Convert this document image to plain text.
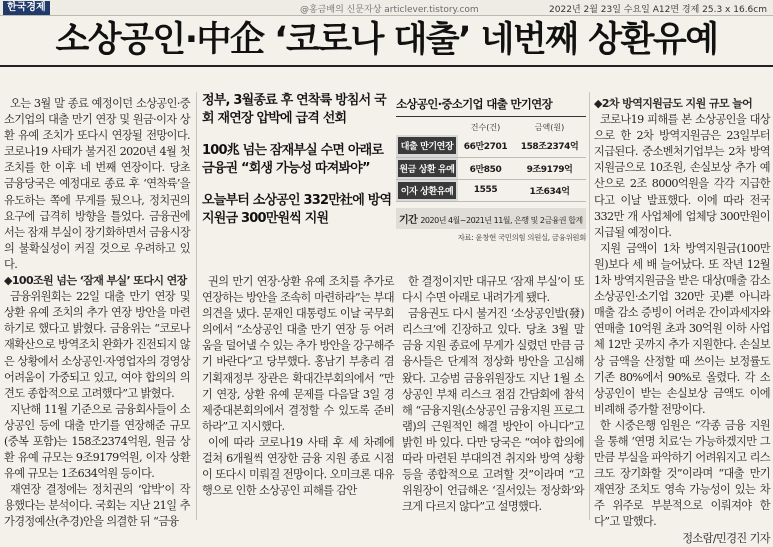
한국경제	@홍금배의 신문자상 articlever.tistory.com	2022년 2월 23일 수요일 A12면 경제 25.3 x 16.6cm
소상공인·中企 ‘코로나 대출’ 네번째 상환유예

오는 3월 말 종료 예정이던 소상공인·중소기업의 대출 만기 연장 및 원금·이자 상환 유예 조치가 또다시 연장될 전망이다. 코로나19 사태가 불거진 2020년 4월 첫 조치를 한 이후 네 번째 연장이다. 당초 금융당국은 예정대로 종료 후 ‘연착륙’을 유도하는 쪽에 무게를 뒀으나, 정치권의 요구에 급격히 방향을 틀었다. 금융권에서는 잠재 부실이 장기화하면서 금융시장의 불확실성이 커질 것으로 우려하고 있다.

◆100조원 넘는 ‘잠재 부실’ 또다시 연장

금융위원회는 22일 대출 만기 연장 및 상환 유예 조치의 추가 연장 방안을 마련하기로 했다고 밝혔다. 금융위는 “코로나 재확산으로 방역조치 완화가 진전되지 않은 상황에서 소상공인·자영업자의 경영상 어려움이 가중되고 있고, 여야 합의의 의견도 종합적으로 고려했다”고 밝혔다.

지난해 11월 기준으로 금융회사들이 소상공인 등에 대출 만기를 연장해준 규모(중복 포함)는 158조2374억원, 원금 상환 유예 규모는 9조9179억원, 이자 상환 유예 규모는 1조634억원 등이다.

재연장 결정에는 정치권의 ‘압박’이 작용했다는 분석이다. 국회는 지난 21일 추가경정예산(추경)안을 의결한 뒤 “금융

정부, 3월종료 후 연착륙 방침서 국회 재연장 압박에 급격 선회
100兆 넘는 잠재부실 수면 아래로 금융권 “회생 가능성 따져봐야”
오늘부터 소상공인 332만社에 방역지원금 300만원씩 지원
소상공인·중소기업 대출 만기연장
	건수(건)	금액(원)
대출 만기연장	66만2701	158조2374억
원금 상환 유예	6만850	9조9179억
이자 상환유예	1555	1조634억
기간 2020년 4월~2021년 11월, 은행 및 2금융권 합계
자료: 윤창현 국민의힘 의원실, 금융위원회

권의 만기 연장·상환 유예 조치를 추가로 연장하는 방안을 조속히 마련하라”는 부대의견을 냈다. 문재인 대통령도 이날 국무회의에서 “소상공인 대출 만기 연장 등 어려움을 덜어낼 수 있는 추가 방안을 강구해주기 바란다”고 당부했다. 홍남기 부총리 겸 기획재정부 장관은 확대간부회의에서 “만기 연장, 상환 유예 문제를 다음달 3일 경제중대본회의에서 결정할 수 있도록 준비하라”고 지시했다.

이에 따라 코로나19 사태 후 세 차례에 걸쳐 6개월씩 연장한 금융 지원 종료 시점이 또다시 미뤄질 전망이다. 오미크론 대유행으로 인한 소상공인 피해를 감안

한 결정이지만 대규모 ‘잠재 부실’이 또다시 수면 아래로 내려가게 됐다.

금융권도 다시 불거진 ‘소상공인발(發) 리스크’에 긴장하고 있다. 당초 3월 말 금융 지원 종료에 무게가 실렸던 만큼 금융사들은 단계적 정상화 방안을 고심해 왔다. 고승범 금융위원장도 지난 1월 소상공인 부채 리스크 점검 간담회에 참석해 “금융지원(소상공인 금융지원 프로그램)의 근원적인 해결 방안이 아니다”고 밝힌 바 있다. 다만 당국은 “여야 합의에 따라 마련된 부대의견 취지와 방역 상황 등을 종합적으로 고려할 것”이라며 “고 위원장이 언급해온 ‘질서있는 정상화’와 크게 다르지 않다”고 설명했다.

◆2차 방역지원금도 지원 규모 늘어

코로나19 피해를 본 소상공인을 대상으로 한 2차 방역지원금은 23일부터 지급된다. 중소벤처기업부는 2차 방역지원금으로 10조원, 손실보상 추가 예산으로 2조 8000억원을 각각 지급한다고 이날 발표했다. 이에 따라 전국 332만 개 사업체에 업체당 300만원이 지급될 예정이다.

지원 금액이 1차 방역지원금(100만원)보다 세 배 늘어났다. 또 작년 12월 1차 방역지원금을 받은 대상(매출 감소 소상공인·소기업 320만 곳)뿐 아니라 매출 감소 증빙이 어려운 간이과세자와 연매출 10억원 초과 30억원 이하 사업체 12만 곳까지 추가 지원한다. 손실보상 금액을 산정할 때 쓰이는 보정률도 기존 80%에서 90%로 올렸다. 각 소상공인이 받는 손실보상 금액도 이에 비례해 증가할 전망이다.

한 시중은행 임원은 “각종 금융 지원을 통해 ‘연명 치료’는 가능하겠지만 그 만큼 부실을 파악하기 어려워지고 리스크도 장기화할 것”이라며 “대출 만기 재연장 조치도 영속 가능성이 있는 차주 위주로 부분적으로 이뤄져야 한다”고 말했다.

정소람/민경진 기자
